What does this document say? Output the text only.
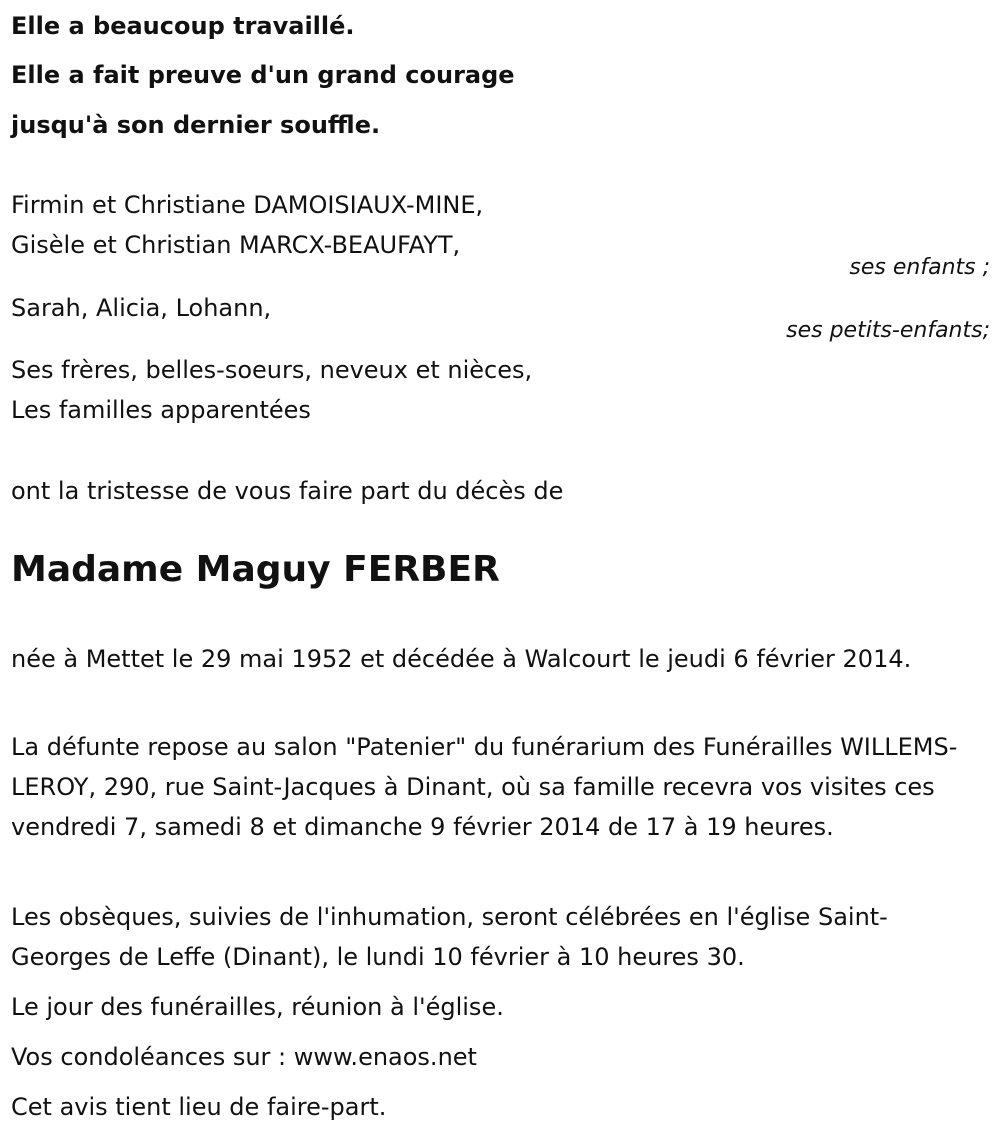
Elle a beaucoup travaillé.
Elle a fait preuve d'un grand courage
jusqu'à son dernier souffle.
Firmin et Christiane DAMOISIAUX-MINE,
Gisèle et Christian MARCX-BEAUFAYT,
ses enfants ;
Sarah, Alicia, Lohann,
ses petits-enfants;
Ses frères, belles-soeurs, neveux et nièces,
Les familles apparentées
ont la tristesse de vous faire part du décès de
Madame Maguy FERBER

née à Mettet le 29 mai 1952 et décédée à Walcourt le jeudi 6 février 2014.

La défunte repose au salon "Patenier" du funérarium des Funérailles WILLEMS-LEROY, 290, rue Saint-Jacques à Dinant, où sa famille recevra vos visites ces vendredi 7, samedi 8 et dimanche 9 février 2014 de 17 à 19 heures.

Les obsèques, suivies de l'inhumation, seront célébrées en l'église Saint-Georges de Leffe (Dinant), le lundi 10 février à 10 heures 30.

Le jour des funérailles, réunion à l'église.

Vos condoléances sur : www.enaos.net

Cet avis tient lieu de faire-part.
